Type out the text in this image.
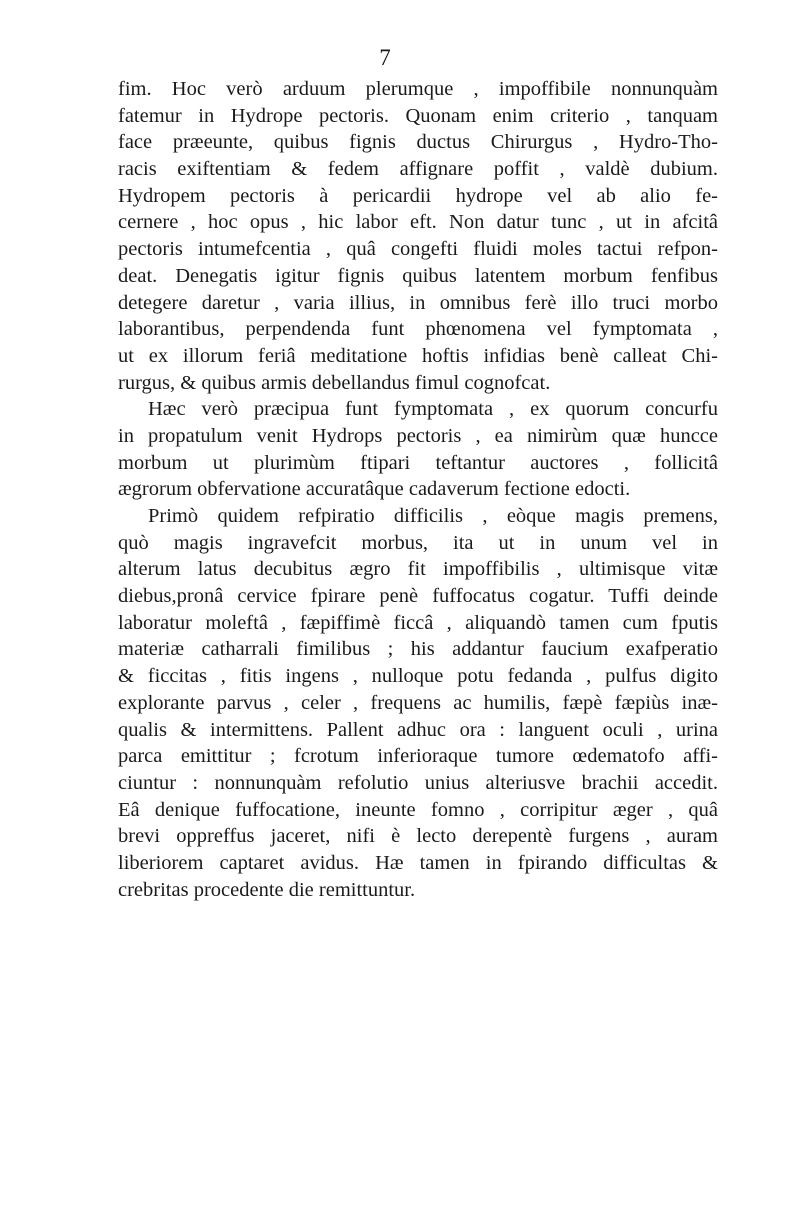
7
fim. Hoc verò arduum plerumque , impoffibile nonnunquàm
fatemur in Hydrope pectoris. Quonam enim criterio , tanquam
face præeunte, quibus fignis ductus Chirurgus , Hydro-Tho-
racis exiftentiam & fedem affignare poffit , valdè dubium.
Hydropem pectoris à pericardii hydrope vel ab alio fe-
cernere , hoc opus , hic labor eft. Non datur tunc , ut in afcitâ
pectoris intumefcentia , quâ congefti fluidi moles tactui refpon-
deat. Denegatis igitur fignis quibus latentem morbum fenfibus
detegere daretur , varia illius, in omnibus ferè illo truci morbo
laborantibus, perpendenda funt phœnomena vel fymptomata ,
ut ex illorum feriâ meditatione hoftis infidias benè calleat Chi-
rurgus, & quibus armis debellandus fimul cognofcat.
Hæc verò præcipua funt fymptomata , ex quorum concurfu
in propatulum venit Hydrops pectoris , ea nimirùm quæ huncce
morbum ut plurimùm ftipari teftantur auctores , follicitâ
ægrorum obfervatione accuratâque cadaverum fectione edocti.
Primò quidem refpiratio difficilis , eòque magis premens,
quò magis ingravefcit morbus, ita ut in unum vel in
alterum latus decubitus ægro fit impoffibilis , ultimisque vitæ
diebus,pronâ cervice fpirare penè fuffocatus cogatur. Tuffi deinde
laboratur moleftâ , fæpiffimè ficcâ , aliquandò tamen cum fputis
materiæ catharrali fimilibus ; his addantur faucium exafperatio
& ficcitas , fitis ingens , nulloque potu fedanda , pulfus digito
explorante parvus , celer , frequens ac humilis, fæpè fæpiùs inæ-
qualis & intermittens. Pallent adhuc ora : languent oculi , urina
parca emittitur ; fcrotum inferioraque tumore œdematofo affi-
ciuntur : nonnunquàm refolutio unius alteriusve brachii accedit.
Eâ denique fuffocatione, ineunte fomno , corripitur æger , quâ
brevi oppreffus jaceret, nifi è lecto derepentè furgens , auram
liberiorem captaret avidus. Hæ tamen in fpirando difficultas &
crebritas procedente die remittuntur.
